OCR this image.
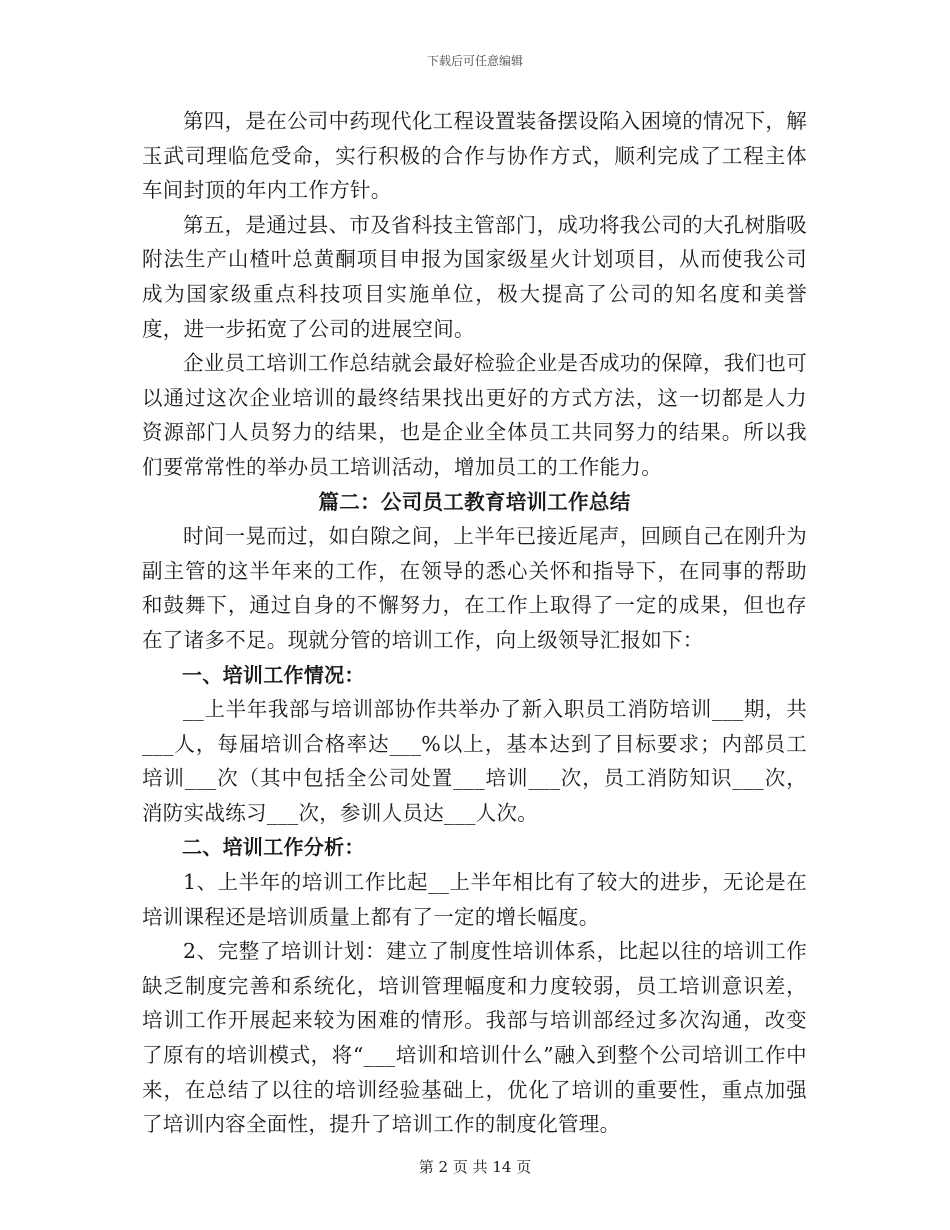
下载后可任意编辑

第四，是在公司中药现代化工程设置装备摆设陷入困境的情况下，解玉武司理临危受命，实行积极的合作与协作方式，顺利完成了工程主体车间封顶的年内工作方针。

第五，是通过县、市及省科技主管部门，成功将我公司的大孔树脂吸附法生产山楂叶总黄酮项目申报为国家级星火计划项目，从而使我公司成为国家级重点科技项目实施单位，极大提高了公司的知名度和美誉度，进一步拓宽了公司的进展空间。

企业员工培训工作总结就会最好检验企业是否成功的保障，我们也可以通过这次企业培训的最终结果找出更好的方式方法，这一切都是人力资源部门人员努力的结果，也是企业全体员工共同努力的结果。所以我们要常常性的举办员工培训活动，增加员工的工作能力。

篇二：公司员工教育培训工作总结

时间一晃而过，如白隙之间，上半年已接近尾声，回顾自己在刚升为副主管的这半年来的工作，在领导的悉心关怀和指导下，在同事的帮助和鼓舞下，通过自身的不懈努力，在工作上取得了一定的成果，但也存在了诸多不足。现就分管的培训工作，向上级领导汇报如下：

一、培训工作情况：

__上半年我部与培训部协作共举办了新入职员工消防培训___期，共___人，每届培训合格率达___%以上，基本达到了目标要求；内部员工培训___次（其中包括全公司处置___培训___次，员工消防知识___次，消防实战练习___次，参训人员达___人次。

二、培训工作分析：

1、上半年的培训工作比起__上半年相比有了较大的进步，无论是在培训课程还是培训质量上都有了一定的增长幅度。

2、完整了培训计划：建立了制度性培训体系，比起以往的培训工作缺乏制度完善和系统化，培训管理幅度和力度较弱，员工培训意识差，培训工作开展起来较为困难的情形。我部与培训部经过多次沟通，改变了原有的培训模式，将“___培训和培训什么”融入到整个公司培训工作中来，在总结了以往的培训经验基础上，优化了培训的重要性，重点加强了培训内容全面性，提升了培训工作的制度化管理。

第 2 页 共 14 页
